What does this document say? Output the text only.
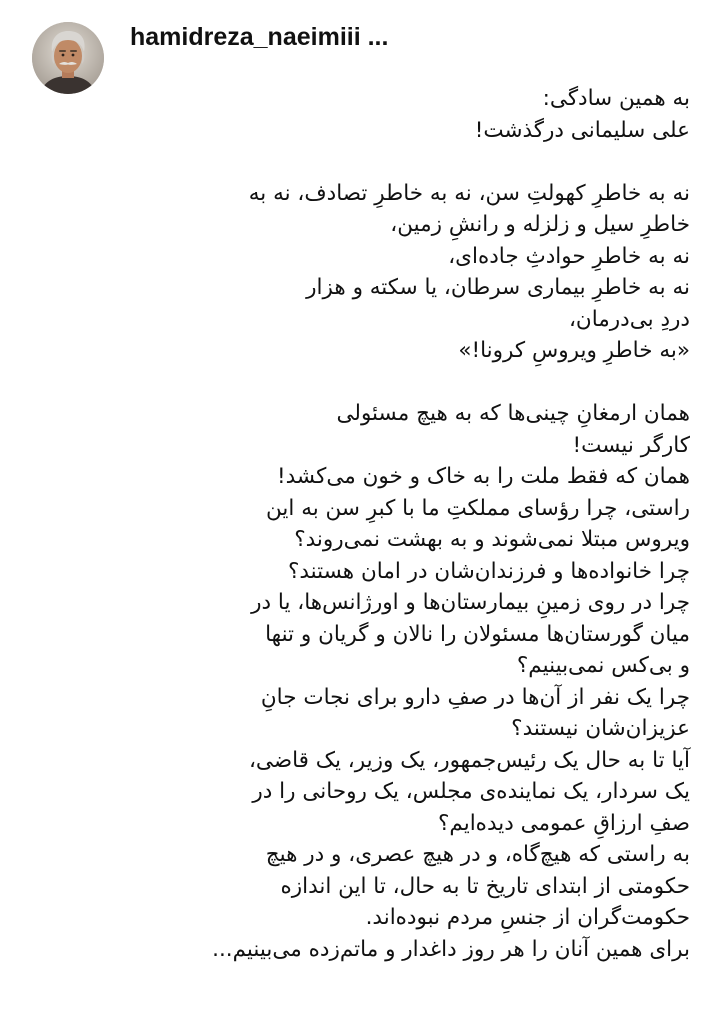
hamidreza_naeimiii ...
به همین سادگی:
علی سلیمانی درگذشت!
نه به خاطرِ کهولتِ سن، نه به خاطرِ تصادف، نه به
خاطرِ سیل و زلزله و رانشِ زمین،
نه به خاطرِ حوادثِ جاده‌ای،
نه به خاطرِ بیماری سرطان، یا سکته و هزار
دردِ بی‌درمان،
«به خاطرِ ویروسِ کرونا!»
همان ارمغانِ چینی‌ها که به هیچ مسئولی
کارگر نیست!
همان که فقط ملت را به خاک و خون می‌کشد!
راستی، چرا رؤسای مملکتِ ما با کبرِ سن به این
ویروس مبتلا نمی‌شوند و به بهشت نمی‌روند؟
چرا خانواده‌ها و فرزندان‌شان در امان هستند؟
چرا در روی زمینِ بیمارستان‌ها و اورژانس‌ها، یا در
میان گورستان‌ها مسئولان را نالان و گریان و تنها
و بی‌کس نمی‌بینیم؟
چرا یک نفر از آن‌ها در صفِ دارو برای نجات جانِ
عزیزان‌شان نیستند؟
آیا تا به حال یک رئیس‌جمهور، یک وزیر، یک قاضی،
یک سردار، یک نماینده‌ی مجلس، یک روحانی را در
صفِ ارزاقِ عمومی دیده‌ایم؟
به راستی که هیچ‌گاه، و در هیچ عصری، و در هیچ
حکومتی از ابتدای تاریخ تا به حال، تا این اندازه
حکومت‌گران از جنسِ مردم نبوده‌اند.
برای همین آنان را هر روز داغدار و ماتم‌زده می‌بینیم...
